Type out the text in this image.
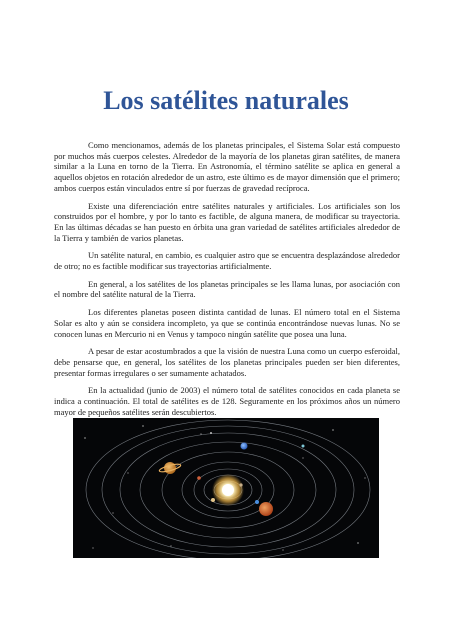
Los satélites naturales

Como mencionamos, además de los planetas principales, el Sistema Solar está compuesto por muchos más cuerpos celestes. Alrededor de la mayoría de los planetas giran satélites, de manera similar a la Luna en torno de la Tierra. En Astronomía, el término satélite se aplica en general a aquellos objetos en rotación alrededor de un astro, este último es de mayor dimensión que el primero; ambos cuerpos están vinculados entre sí por fuerzas de gravedad recíproca.

Existe una diferenciación entre satélites naturales y artificiales. Los artificiales son los construidos por el hombre, y por lo tanto es factible, de alguna manera, de modificar su trayectoria. En las últimas décadas se han puesto en órbita una gran variedad de satélites artificiales alrededor de la Tierra y también de varios planetas.

Un satélite natural, en cambio, es cualquier astro que se encuentra desplazándose alrededor de otro; no es factible modificar sus trayectorias artificialmente.

En general, a los satélites de los planetas principales se les llama lunas, por asociación con el nombre del satélite natural de la Tierra.

Los diferentes planetas poseen distinta cantidad de lunas. El número total en el Sistema Solar es alto y aún se considera incompleto, ya que se continúa encontrándose nuevas lunas. No se conocen lunas en Mercurio ni en Venus y tampoco ningún satélite que posea una luna.

A pesar de estar acostumbrados a que la visión de nuestra Luna como un cuerpo esferoidal, debe pensarse que, en general, los satélites de los planetas principales pueden ser bien diferentes, presentar formas irregulares o ser sumamente achatados.

En la actualidad (junio de 2003) el número total de satélites conocidos en cada planeta se indica a continuación. El total de satélites es de 128. Seguramente en los próximos años un número mayor de pequeños satélites serán descubiertos.
